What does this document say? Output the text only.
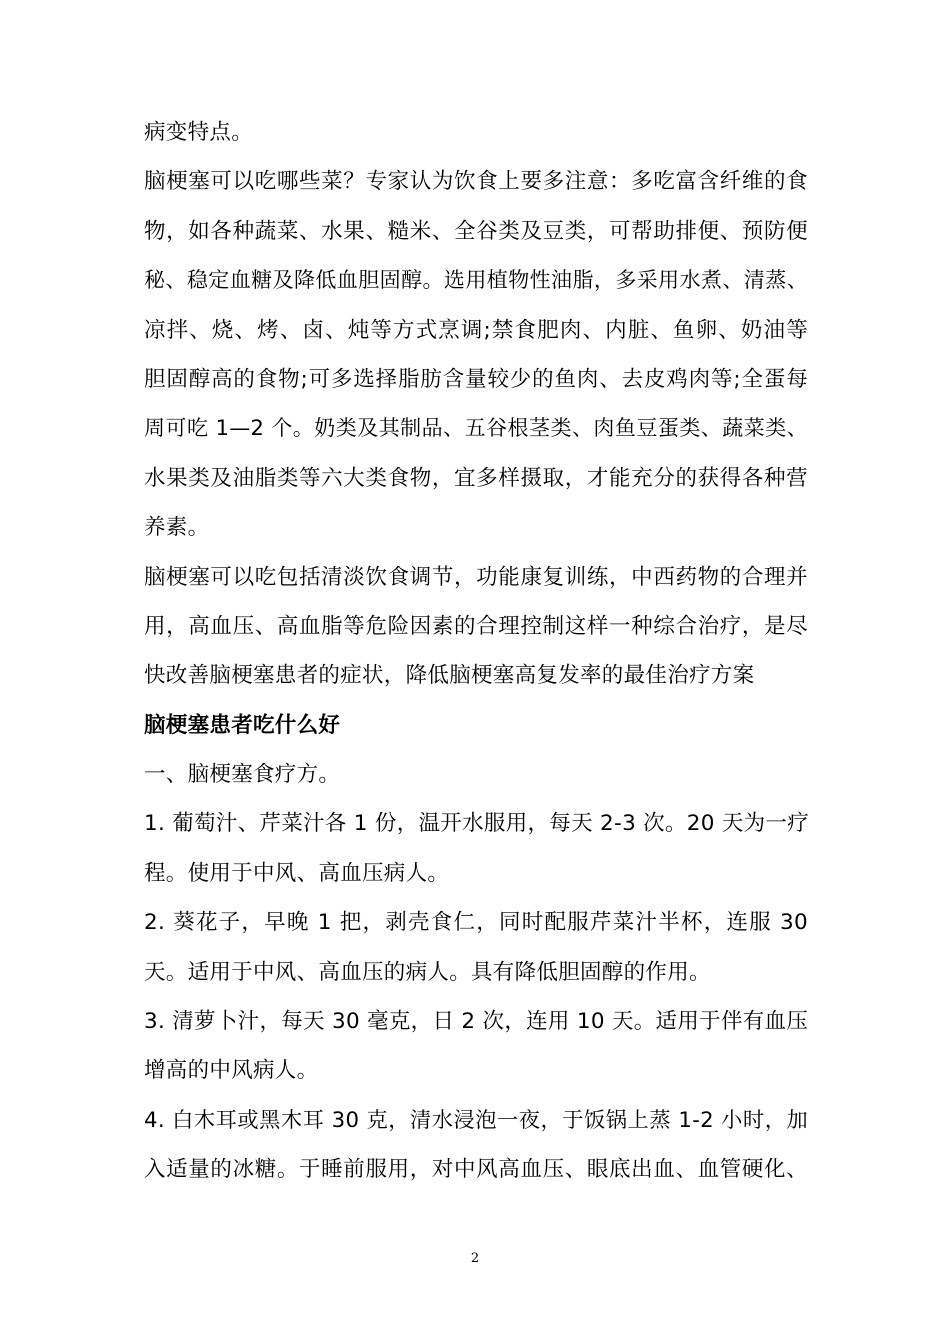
病变特点。
脑梗塞可以吃哪些菜？专家认为饮食上要多注意：多吃富含纤维的食
物，如各种蔬菜、水果、糙米、全谷类及豆类，可帮助排便、预防便
秘、稳定血糖及降低血胆固醇。选用植物性油脂，多采用水煮、清蒸、
凉拌、烧、烤、卤、炖等方式烹调;禁食肥肉、内脏、鱼卵、奶油等
胆固醇高的食物;可多选择脂肪含量较少的鱼肉、去皮鸡肉等;全蛋每
周可吃 1—2 个。奶类及其制品、五谷根茎类、肉鱼豆蛋类、蔬菜类、
水果类及油脂类等六大类食物，宜多样摄取，才能充分的获得各种营
养素。
脑梗塞可以吃包括清淡饮食调节，功能康复训练，中西药物的合理并
用，高血压、高血脂等危险因素的合理控制这样一种综合治疗，是尽
快改善脑梗塞患者的症状，降低脑梗塞高复发率的最佳治疗方案
脑梗塞患者吃什么好
一、脑梗塞食疗方。
1. 葡萄汁、芹菜汁各 1 份，温开水服用，每天 2-3 次。20 天为一疗
程。使用于中风、高血压病人。
2. 葵花子，早晚 1 把，剥壳食仁，同时配服芹菜汁半杯，连服 30
天。适用于中风、高血压的病人。具有降低胆固醇的作用。
3. 清萝卜汁，每天 30 毫克，日 2 次，连用 10 天。适用于伴有血压
增高的中风病人。
4. 白木耳或黑木耳 30 克，清水浸泡一夜，于饭锅上蒸 1-2 小时，加
入适量的冰糖。于睡前服用，对中风高血压、眼底出血、血管硬化、
2
